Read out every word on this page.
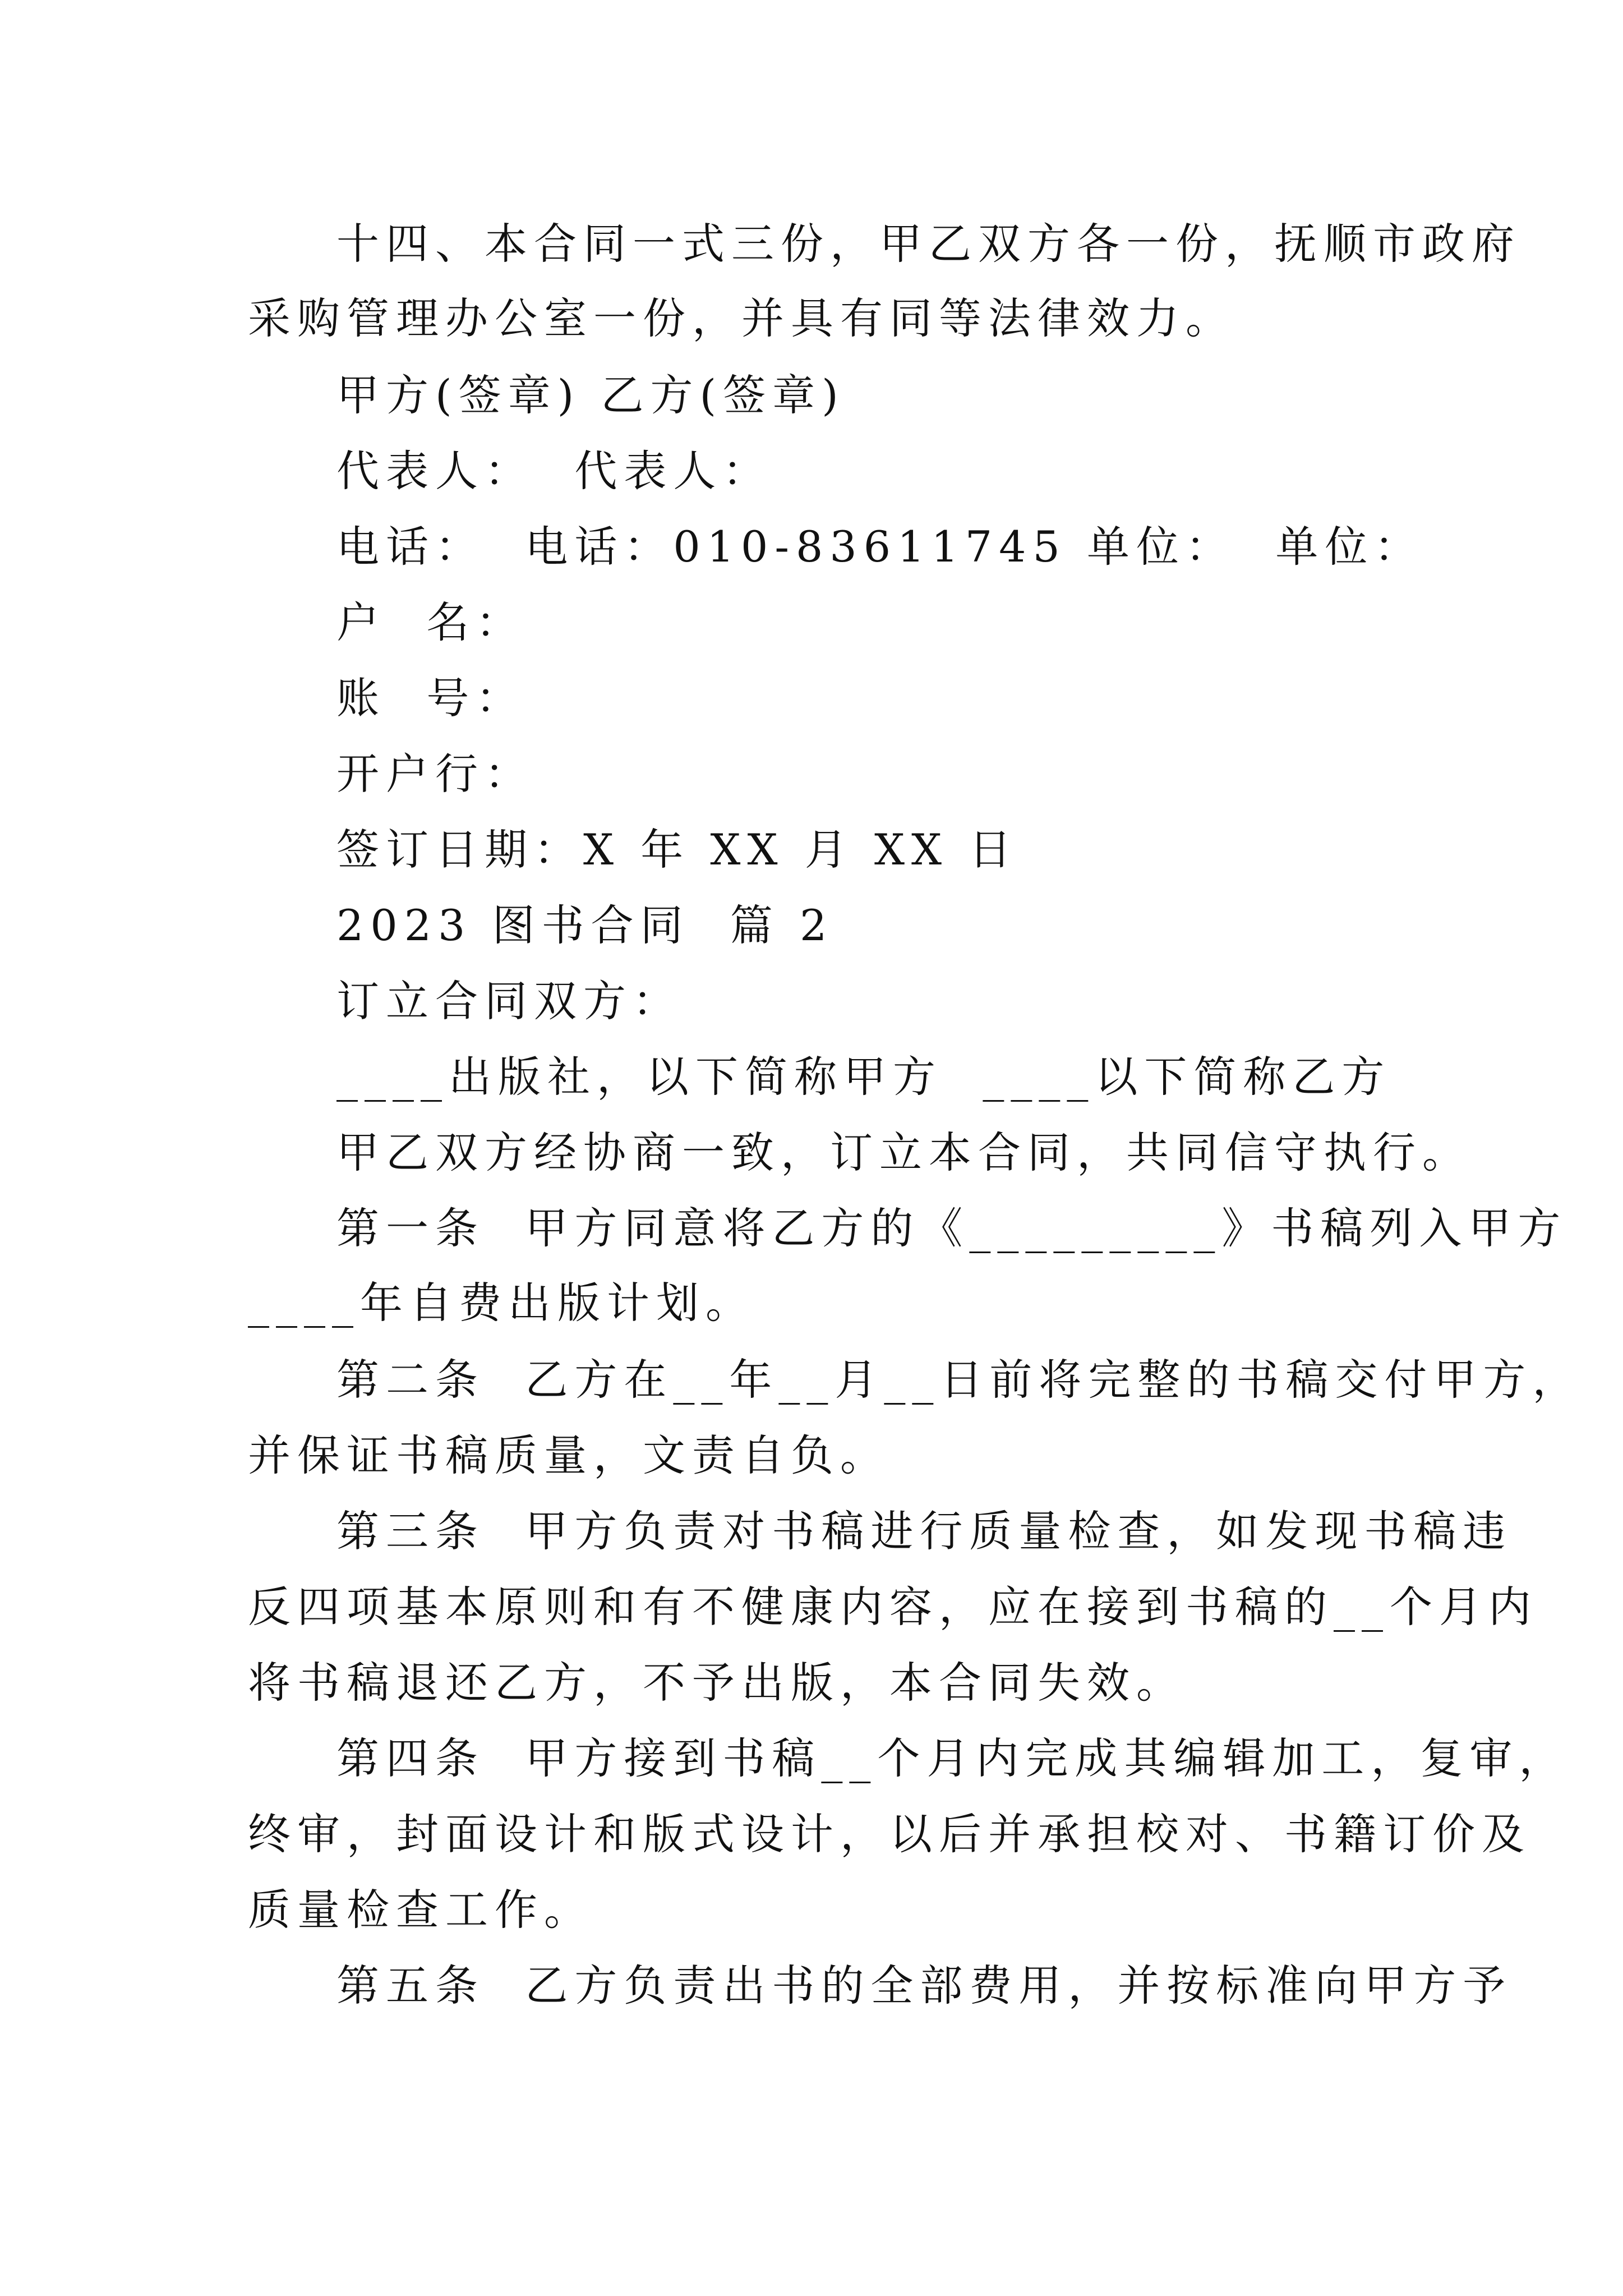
十四、本合同一式三份，甲乙双方各一份，抚顺市政府
采购管理办公室一份，并具有同等法律效力。
甲方(签章) 乙方(签章)
代表人：  代表人：
电话：  电话：010-83611745 单位：  单位：
户  名：
账  号：
开户行：
签订日期：X 年 XX 月 XX 日
2023 图书合同  篇 2
订立合同双方：
____出版社，以下简称甲方  ____以下简称乙方
甲乙双方经协商一致，订立本合同，共同信守执行。
第一条  甲方同意将乙方的《_________》书稿列入甲方
____年自费出版计划。
第二条  乙方在__年__月__日前将完整的书稿交付甲方，
并保证书稿质量，文责自负。
第三条  甲方负责对书稿进行质量检查，如发现书稿违
反四项基本原则和有不健康内容，应在接到书稿的__个月内
将书稿退还乙方，不予出版，本合同失效。
第四条  甲方接到书稿__个月内完成其编辑加工，复审，
终审，封面设计和版式设计，以后并承担校对、书籍订价及
质量检查工作。
第五条  乙方负责出书的全部费用，并按标准向甲方予
